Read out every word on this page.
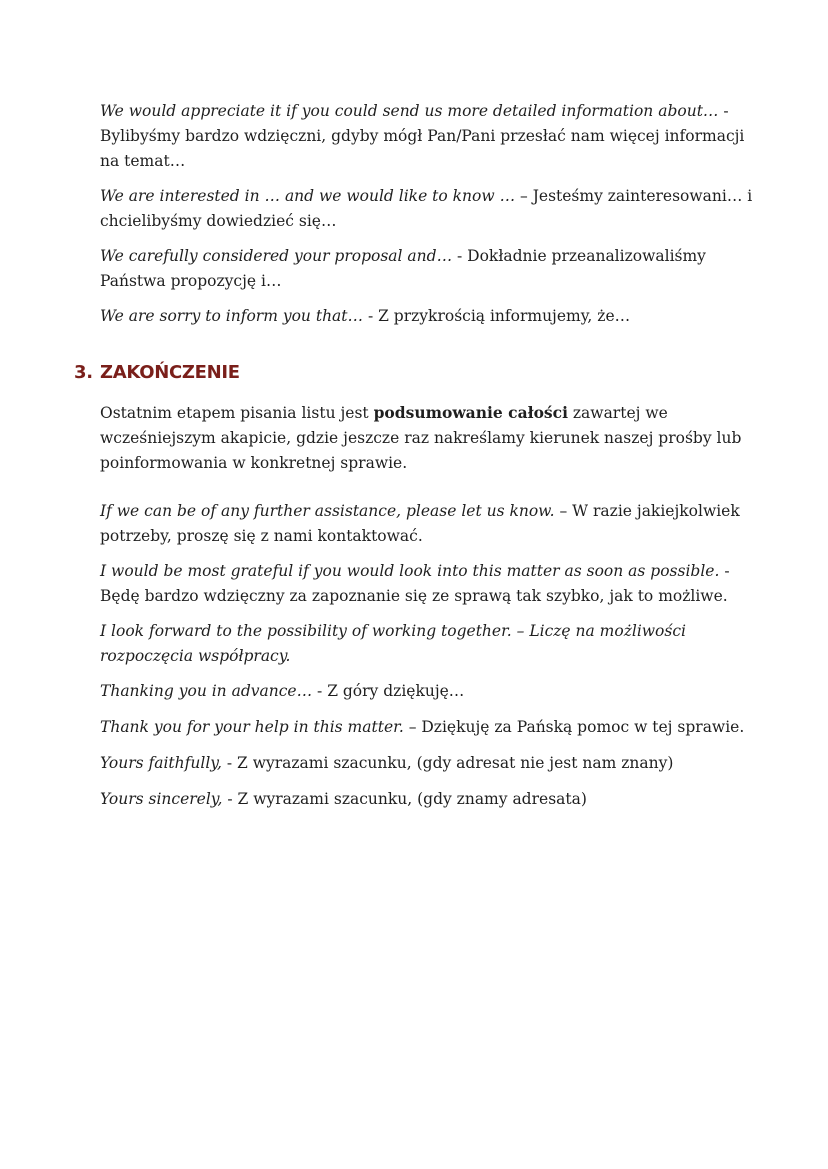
We would appreciate it if you could send us more detailed information about… - Bylibyśmy bardzo wdzięczni, gdyby mógł Pan/Pani przesłać nam więcej informacji na temat…

We are interested in … and we would like to know … – Jesteśmy zainteresowani… i chcielibyśmy dowiedzieć się…

We carefully considered your proposal and… - Dokładnie przeanalizowaliśmy Państwa propozycję i…

We are sorry to inform you that… - Z przykrością informujemy, że…

3. ZAKOŃCZENIE

Ostatnim etapem pisania listu jest podsumowanie całości zawartej we wcześniejszym akapicie, gdzie jeszcze raz nakreślamy kierunek naszej prośby lub poinformowania w konkretnej sprawie.

If we can be of any further assistance, please let us know. – W razie jakiejkolwiek potrzeby, proszę się z nami kontaktować.

I would be most grateful if you would look into this matter as soon as possible. - Będę bardzo wdzięczny za zapoznanie się ze sprawą tak szybko, jak to możliwe.

I look forward to the possibility of working together. – Liczę na możliwości rozpoczęcia współpracy.

Thanking you in advance… - Z góry dziękuję…

Thank you for your help in this matter. – Dziękuję za Pańską pomoc w tej sprawie.

Yours faithfully, - Z wyrazami szacunku, (gdy adresat nie jest nam znany)

Yours sincerely, - Z wyrazami szacunku, (gdy znamy adresata)
